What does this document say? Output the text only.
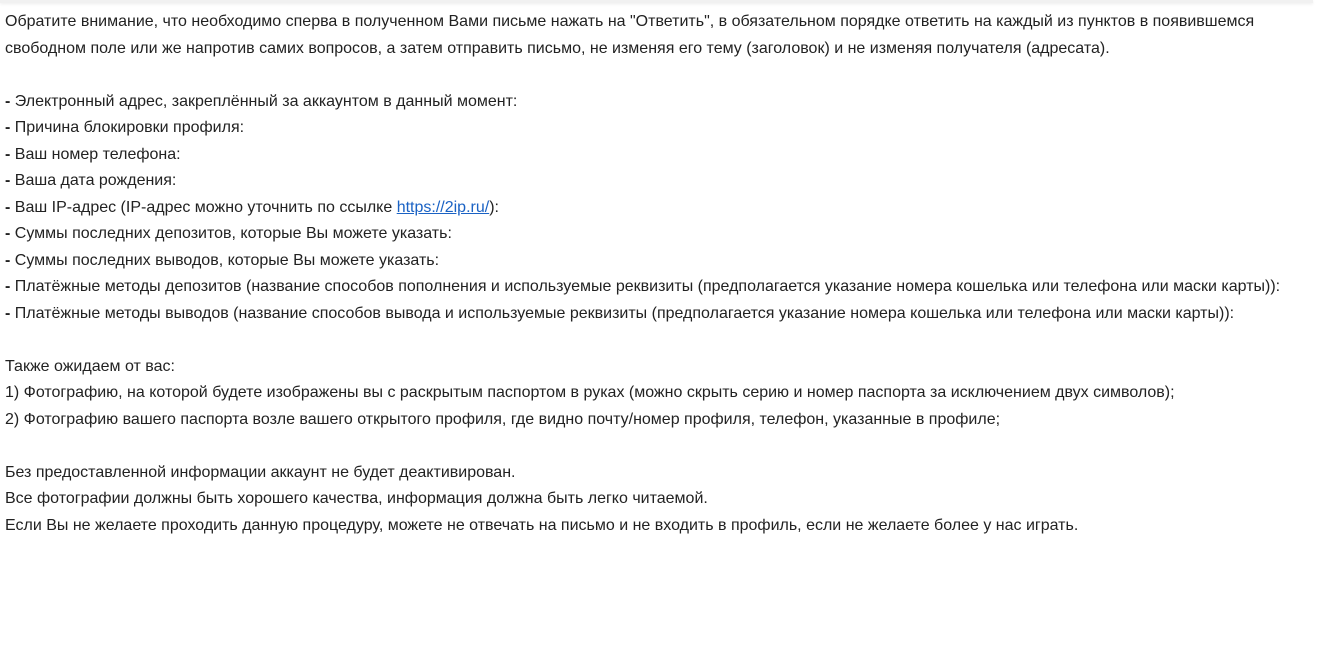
Обратите внимание, что необходимо сперва в полученном Вами письме нажать на "Ответить", в обязательном порядке ответить на каждый из пунктов в появившемся свободном поле или же напротив самих вопросов, а затем отправить письмо, не изменяя его тему (заголовок) и не изменяя получателя (адресата).
- Электронный адрес, закреплённый за аккаунтом в данный момент:
- Причина блокировки профиля:
- Ваш номер телефона:
- Ваша дата рождения:
- Ваш IP-адрес (IP-адрес можно уточнить по ссылке https://2ip.ru/):
- Суммы последних депозитов, которые Вы можете указать:
- Суммы последних выводов, которые Вы можете указать:
- Платёжные методы депозитов (название способов пополнения и используемые реквизиты (предполагается указание номера кошелька или телефона или маски карты)):
- Платёжные методы выводов (название способов вывода и используемые реквизиты (предполагается указание номера кошелька или телефона или маски карты)):
Также ожидаем от вас:
1) Фотографию, на которой будете изображены вы с раскрытым паспортом в руках (можно скрыть серию и номер паспорта за исключением двух символов);
2) Фотографию вашего паспорта возле вашего открытого профиля, где видно почту/номер профиля, телефон, указанные в профиле;
Без предоставленной информации аккаунт не будет деактивирован.
Все фотографии должны быть хорошего качества, информация должна быть легко читаемой.
Если Вы не желаете проходить данную процедуру, можете не отвечать на письмо и не входить в профиль, если не желаете более у нас играть.
